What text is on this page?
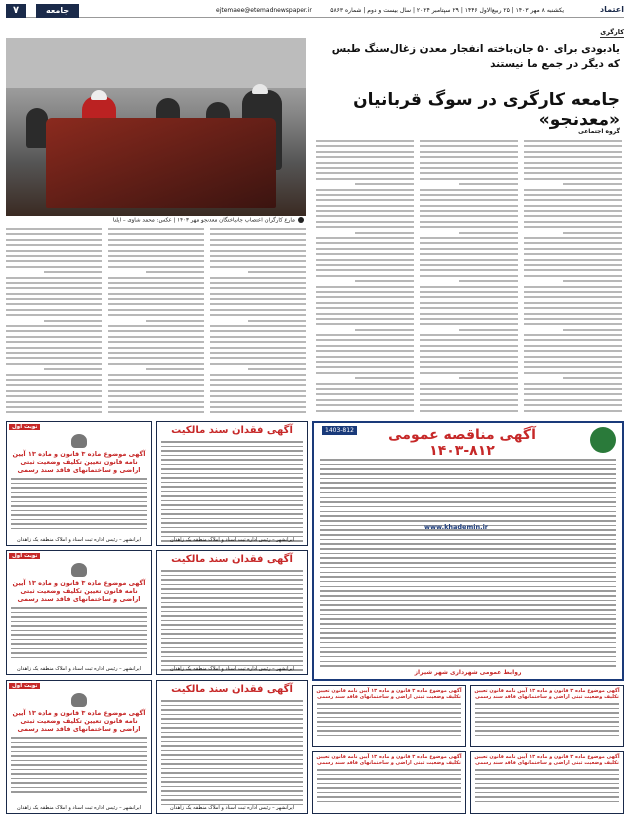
۷	جامعه	ejtemaee@etemadnewspaper.ir	یکشنبه ۸ مهر ۱۴۰۳ | ۲۵ ربیع‌الاول ۱۴۴۶ | ۲۹ سپتامبر ۲۰۲۴ | سال بیست و دوم | شماره ۵۸۶۳	اعتماد
کارگری
یادبودی برای ۵۰ جان‌باخته انفجار معدن زغال‌سنگ طبس که دیگر در جمع ما نیستند
جامعه کارگری در سوگ قربانیان «معدنجو»
گروه اجتماعی
مارع کارگران اعتصاب جانباختگان معدنجو مهر ۱۴۰۳ | عکس: محمد شاوی – ایلنا
نوبت اول
آگهی موضوع ماده ۳ قانون و ماده ۱۳ آیین نامه قانون تعیین تکلیف وضعیت ثبتی اراضی و ساختمانهای فاقد سند رسمی
ایرانشهر – رئیس اداره ثبت اسناد و املاک منطقه یک زاهدان
نوبت اول
آگهی موضوع ماده ۳ قانون و ماده ۱۳ آیین نامه قانون تعیین تکلیف وضعیت ثبتی اراضی و ساختمانهای فاقد سند رسمی
ایرانشهر – رئیس اداره ثبت اسناد و املاک منطقه یک زاهدان
نوبت اول
آگهی موضوع ماده ۳ قانون و ماده ۱۳ آیین نامه قانون تعیین تکلیف وضعیت ثبتی اراضی و ساختمانهای فاقد سند رسمی
ایرانشهر – رئیس اداره ثبت اسناد و املاک منطقه یک زاهدان
آگهی فقدان سند مالکیت
ایرانشهر – رئیس اداره ثبت اسناد و املاک منطقه یک زاهدان
آگهی فقدان سند مالکیت
ایرانشهر – رئیس اداره ثبت اسناد و املاک منطقه یک زاهدان
آگهی فقدان سند مالکیت
ایرانشهر – رئیس اداره ثبت اسناد و املاک منطقه یک زاهدان
آگهی مناقصه عمومی ۸۱۲-۱۴۰۳
1403-812
www.khademin.ir
روابط عمومی شهرداری شهر شیراز
آگهی موضوع ماده ۳ قانون و ماده ۱۳ آیین نامه قانون تعیین تکلیف وضعیت ثبتی اراضی و ساختمانهای فاقد سند رسمی
آگهی موضوع ماده ۳ قانون و ماده ۱۳ آیین نامه قانون تعیین تکلیف وضعیت ثبتی اراضی و ساختمانهای فاقد سند رسمی
آگهی موضوع ماده ۳ قانون و ماده ۱۳ آیین نامه قانون تعیین تکلیف وضعیت ثبتی اراضی و ساختمانهای فاقد سند رسمی
آگهی موضوع ماده ۳ قانون و ماده ۱۳ آیین نامه قانون تعیین تکلیف وضعیت ثبتی اراضی و ساختمانهای فاقد سند رسمی
